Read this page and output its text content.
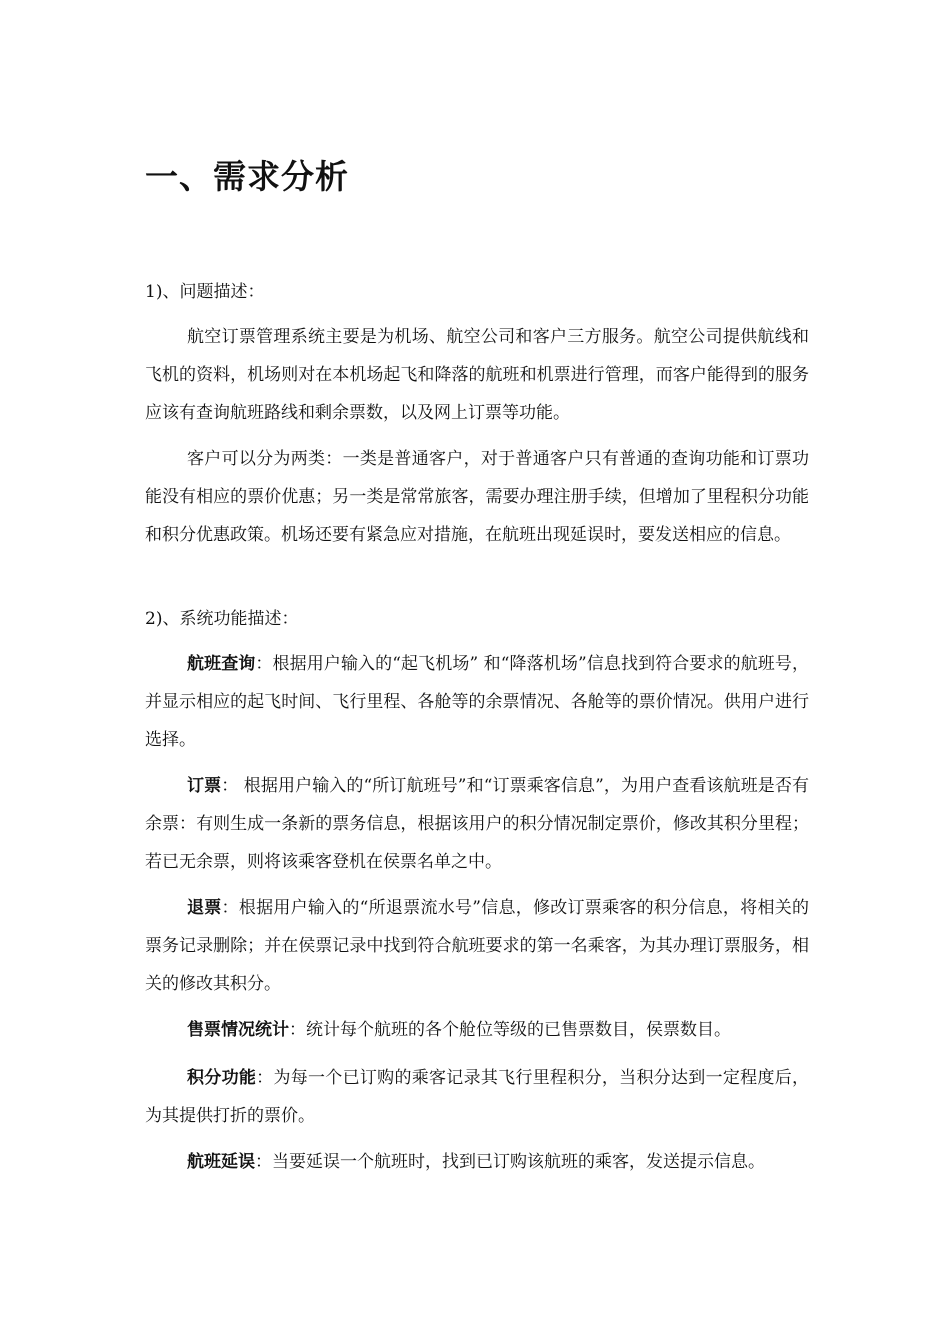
一、需求分析

1)、问题描述：

航空订票管理系统主要是为机场、航空公司和客户三方服务。航空公司提供航线和飞机的资料，机场则对在本机场起飞和降落的航班和机票进行管理，而客户能得到的服务应该有查询航班路线和剩余票数，以及网上订票等功能。

客户可以分为两类：一类是普通客户，对于普通客户只有普通的查询功能和订票功能没有相应的票价优惠；另一类是常常旅客，需要办理注册手续，但增加了里程积分功能和积分优惠政策。机场还要有紧急应对措施，在航班出现延误时，要发送相应的信息。

2)、系统功能描述：

航班查询：根据用户输入的“起飞机场” 和“降落机场”信息找到符合要求的航班号，并显示相应的起飞时间、飞行里程、各舱等的余票情况、各舱等的票价情况。供用户进行选择。

订票： 根据用户输入的“所订航班号”和“订票乘客信息”，为用户查看该航班是否有余票：有则生成一条新的票务信息，根据该用户的积分情况制定票价，修改其积分里程；若已无余票，则将该乘客登机在侯票名单之中。

退票：根据用户输入的“所退票流水号”信息，修改订票乘客的积分信息，将相关的票务记录删除；并在侯票记录中找到符合航班要求的第一名乘客，为其办理订票服务，相关的修改其积分。

售票情况统计：统计每个航班的各个舱位等级的已售票数目，侯票数目。

积分功能：为每一个已订购的乘客记录其飞行里程积分，当积分达到一定程度后，为其提供打折的票价。

航班延误：当要延误一个航班时，找到已订购该航班的乘客，发送提示信息。
